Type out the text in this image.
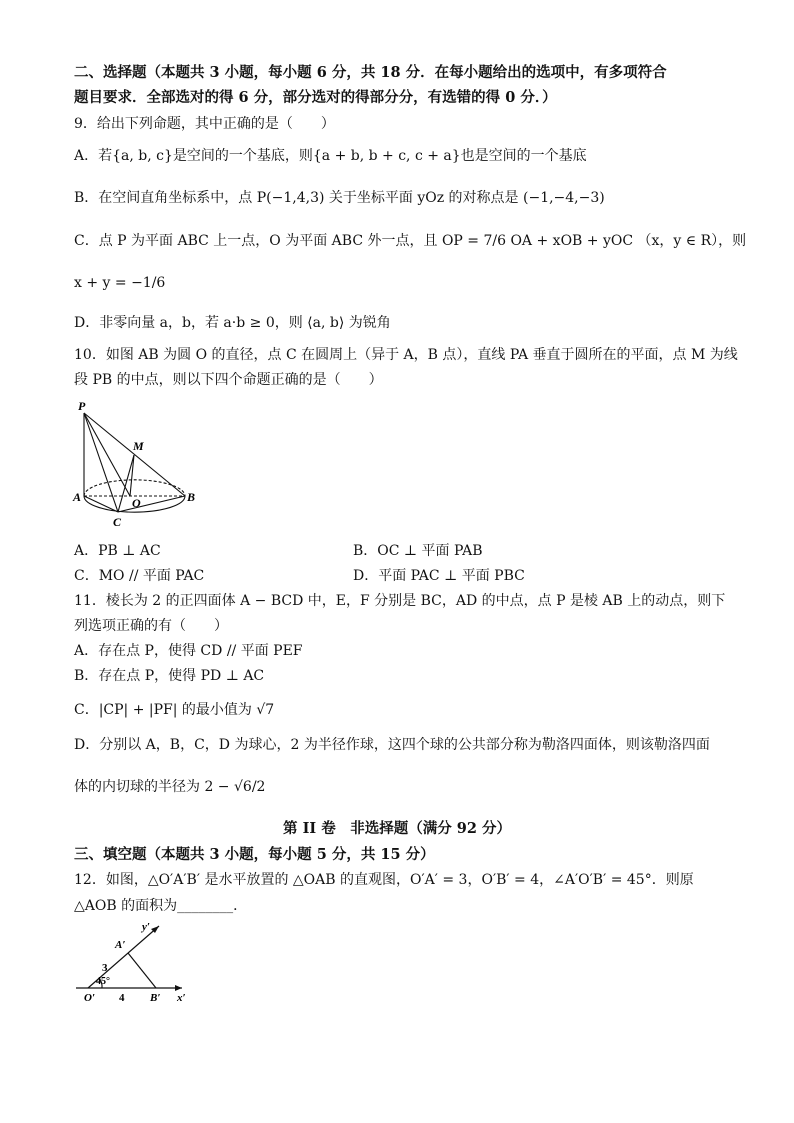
二、选择题（本题共 3 小题，每小题 6 分，共 18 分．在每小题给出的选项中，有多项符合
题目要求．全部选对的得 6 分，部分选对的得部分分，有选错的得 0 分．）
9．给出下列命题，其中正确的是（　　）
A．若{a, b, c}是空间的一个基底，则{a + b, b + c, c + a}也是空间的一个基底
B．在空间直角坐标系中，点 P(−1,4,3) 关于坐标平面 yOz 的对称点是 (−1,−4,−3)
C．点 P 为平面 ABC 上一点，O 为平面 ABC 外一点，且 OP = 7/6 OA + xOB + yOC （x，y ∈ R），则
x + y = −1/6
D．非零向量 a，b，若 a·b ≥ 0，则 ⟨a, b⟩ 为锐角
10．如图 AB 为圆 O 的直径，点 C 在圆周上（异于 A，B 点），直线 PA 垂直于圆所在的平面，点 M 为线
段 PB 的中点，则以下四个命题正确的是（　　）
P
M
A	O	B
C
A．PB ⊥ AC	B．OC ⊥ 平面 PAB
C．MO // 平面 PAC	D．平面 PAC ⊥ 平面 PBC
11．棱长为 2 的正四面体 A − BCD 中，E，F 分别是 BC，AD 的中点，点 P 是棱 AB 上的动点，则下
列选项正确的有（　　）
A．存在点 P，使得 CD // 平面 PEF
B．存在点 P，使得 PD ⊥ AC
C．|CP| + |PF| 的最小值为 √7
D．分别以 A，B，C，D 为球心，2 为半径作球，这四个球的公共部分称为勒洛四面体，则该勒洛四面
体的内切球的半径为 2 − √6/2
第 II 卷　非选择题（满分 92 分）
三、填空题（本题共 3 小题，每小题 5 分，共 15 分）
12．如图，△O′A′B′ 是水平放置的 △OAB 的直观图，O′A′ = 3，O′B′ = 4，∠A′O′B′ = 45°．则原
△AOB 的面积为________．
y′
A′
3
45°
O′ 4 B′ x′
